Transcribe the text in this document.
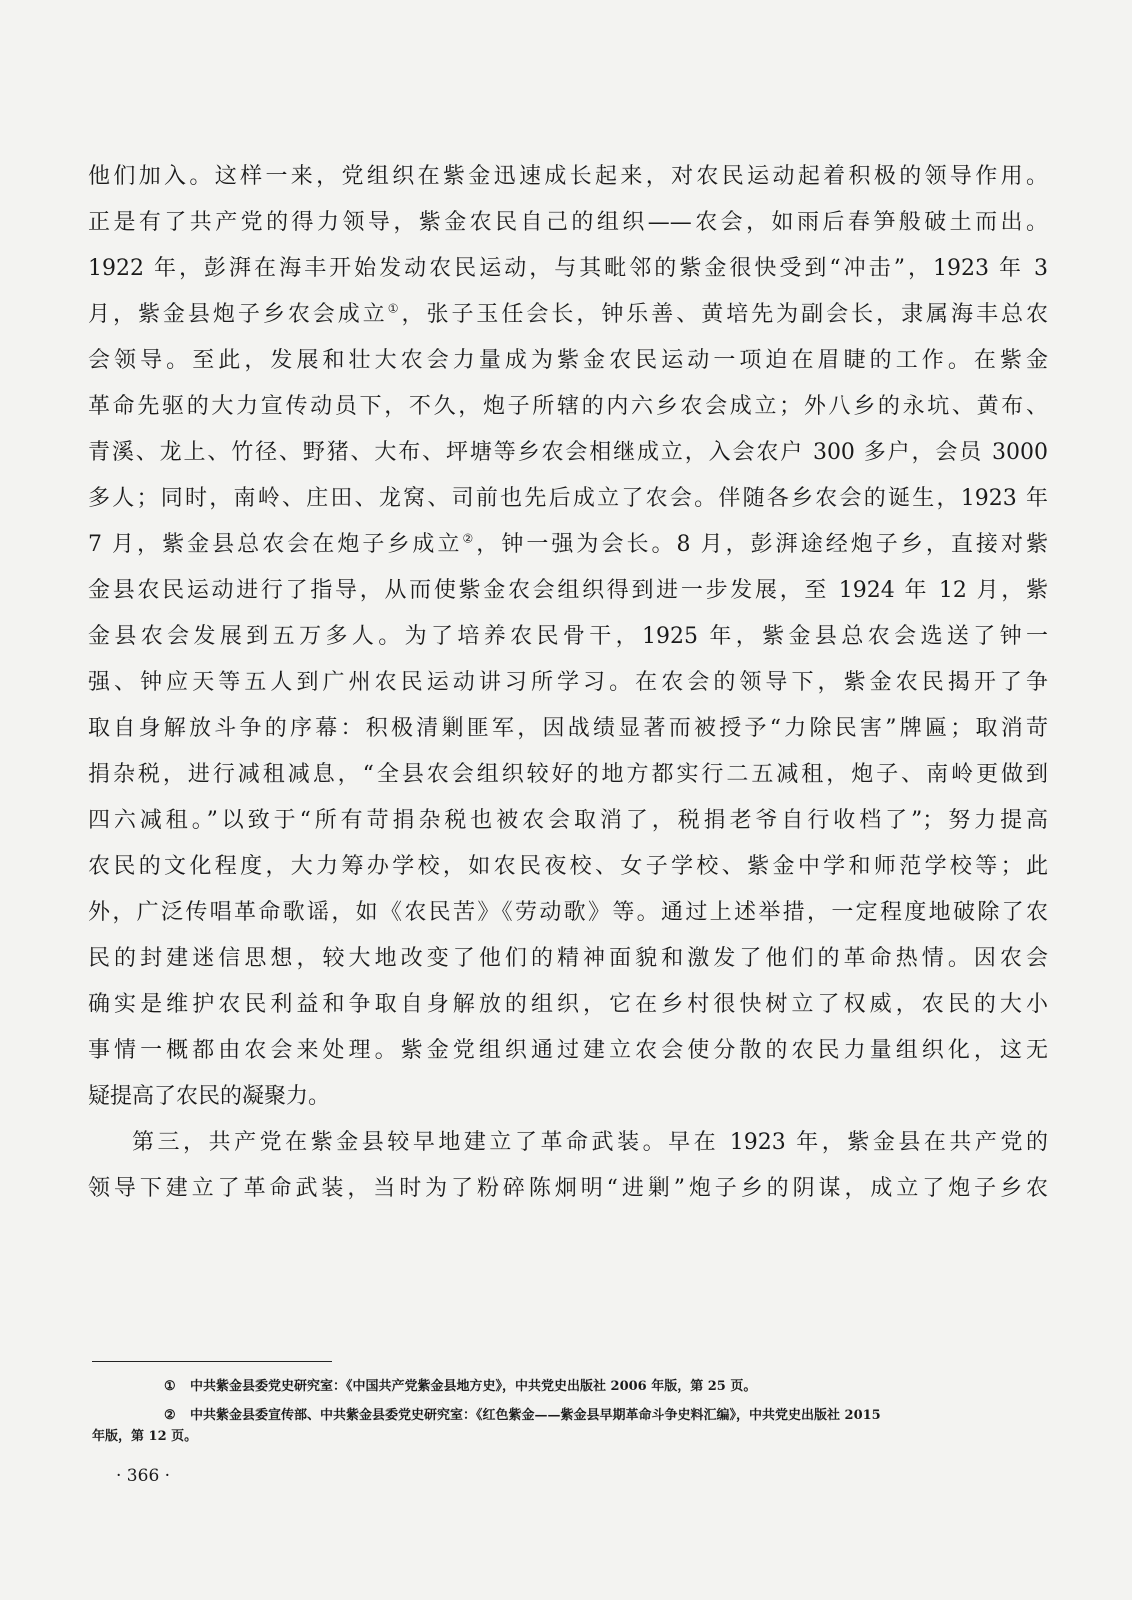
他们加入。这样一来，党组织在紫金迅速成长起来，对农民运动起着积极的领导作用。
正是有了共产党的得力领导，紫金农民自己的组织——农会，如雨后春笋般破土而出。
1922 年，彭湃在海丰开始发动农民运动，与其毗邻的紫金很快受到“冲击”，1923 年 3
月，紫金县炮子乡农会成立①，张子玉任会长，钟乐善、黄培先为副会长，隶属海丰总农
会领导。至此，发展和壮大农会力量成为紫金农民运动一项迫在眉睫的工作。在紫金
革命先驱的大力宣传动员下，不久，炮子所辖的内六乡农会成立；外八乡的永坑、黄布、
青溪、龙上、竹径、野猪、大布、坪塘等乡农会相继成立，入会农户 300 多户，会员 3000
多人；同时，南岭、庄田、龙窝、司前也先后成立了农会。伴随各乡农会的诞生，1923 年
7 月，紫金县总农会在炮子乡成立②，钟一强为会长。8 月，彭湃途经炮子乡，直接对紫
金县农民运动进行了指导，从而使紫金农会组织得到进一步发展，至 1924 年 12 月，紫
金县农会发展到五万多人。为了培养农民骨干，1925 年，紫金县总农会选送了钟一
强、钟应天等五人到广州农民运动讲习所学习。在农会的领导下，紫金农民揭开了争
取自身解放斗争的序幕：积极清剿匪军，因战绩显著而被授予“力除民害”牌匾；取消苛
捐杂税，进行减租减息，“全县农会组织较好的地方都实行二五减租，炮子、南岭更做到
四六减租。”以致于“所有苛捐杂税也被农会取消了，税捐老爷自行收档了”；努力提高
农民的文化程度，大力筹办学校，如农民夜校、女子学校、紫金中学和师范学校等；此
外，广泛传唱革命歌谣，如《农民苦》《劳动歌》等。通过上述举措，一定程度地破除了农
民的封建迷信思想，较大地改变了他们的精神面貌和激发了他们的革命热情。因农会
确实是维护农民利益和争取自身解放的组织，它在乡村很快树立了权威，农民的大小
事情一概都由农会来处理。紫金党组织通过建立农会使分散的农民力量组织化，这无
疑提高了农民的凝聚力。
第三，共产党在紫金县较早地建立了革命武装。早在 1923 年，紫金县在共产党的
领导下建立了革命武装，当时为了粉碎陈炯明“进剿”炮子乡的阴谋，成立了炮子乡农
① 中共紫金县委党史研究室：《中国共产党紫金县地方史》，中共党史出版社 2006 年版，第 25 页。
② 中共紫金县委宣传部、中共紫金县委党史研究室：《红色紫金——紫金县早期革命斗争史料汇编》，中共党史出版社 2015
年版，第 12 页。
· 366 ·
